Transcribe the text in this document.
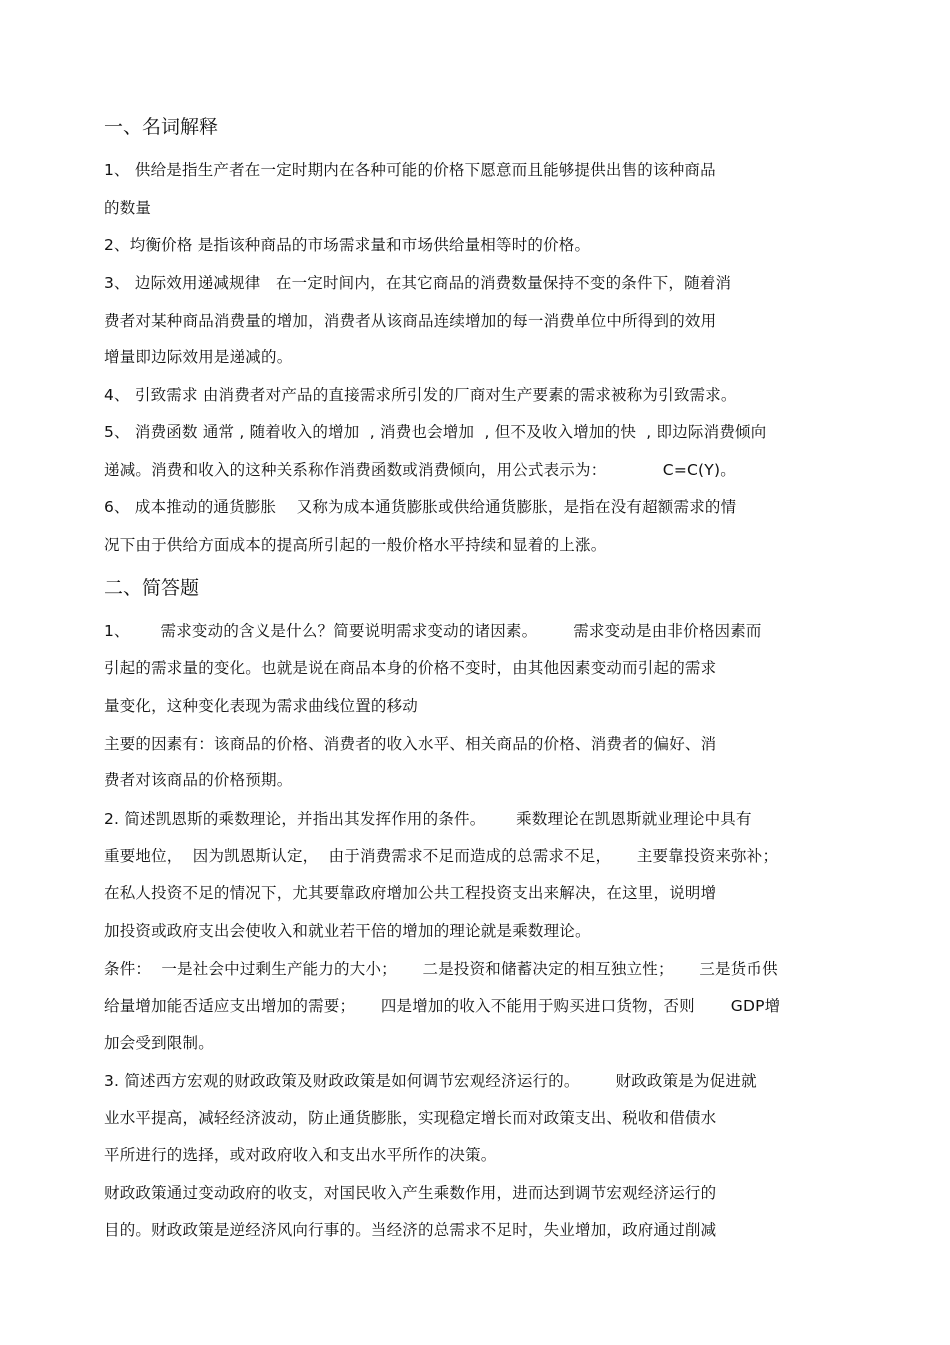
一、名词解释
1、 供给是指生产者在一定时期内在各种可能的价格下愿意而且能够提供出售的该种商品
的数量
2、均衡价格 是指该种商品的市场需求量和市场供给量相等时的价格。
3、 边际效用递减规律   在一定时间内，在其它商品的消费数量保持不变的条件下，随着消
费者对某种商品消费量的增加，消费者从该商品连续增加的每一消费单位中所得到的效用
增量即边际效用是递减的。
4、 引致需求 由消费者对产品的直接需求所引发的厂商对生产要素的需求被称为引致需求。
5、 消费函数 通常 , 随着收入的增加  , 消费也会增加  , 但不及收入增加的快  , 即边际消费倾向
递减。消费和收入的这种关系称作消费函数或消费倾向，用公式表示为：           C=C(Y)。
6、 成本推动的通货膨胀    又称为成本通货膨胀或供给通货膨胀，是指在没有超额需求的情
况下由于供给方面成本的提高所引起的一般价格水平持续和显着的上涨。
二、简答题
1、      需求变动的含义是什么？简要说明需求变动的诸因素。       需求变动是由非价格因素而
引起的需求量的变化。也就是说在商品本身的价格不变时，由其他因素变动而引起的需求
量变化，这种变化表现为需求曲线位置的移动
主要的因素有：该商品的价格、消费者的收入水平、相关商品的价格、消费者的偏好、消
费者对该商品的价格预期。
2. 简述凯恩斯的乘数理论，并指出其发挥作用的条件。      乘数理论在凯恩斯就业理论中具有
重要地位，  因为凯恩斯认定，  由于消费需求不足而造成的总需求不足，     主要靠投资来弥补；
在私人投资不足的情况下，尤其要靠政府增加公共工程投资支出来解决，在这里，说明增
加投资或政府支出会使收入和就业若干倍的增加的理论就是乘数理论。
条件：  一是社会中过剩生产能力的大小；     二是投资和储蓄决定的相互独立性；     三是货币供
给量增加能否适应支出增加的需要；     四是增加的收入不能用于购买进口货物，否则       GDP增
加会受到限制。
3. 简述西方宏观的财政政策及财政政策是如何调节宏观经济运行的。       财政政策是为促进就
业水平提高，减轻经济波动，防止通货膨胀，实现稳定增长而对政策支出、税收和借债水
平所进行的选择，或对政府收入和支出水平所作的决策。
财政政策通过变动政府的收支，对国民收入产生乘数作用，进而达到调节宏观经济运行的
目的。财政政策是逆经济风向行事的。当经济的总需求不足时，失业增加，政府通过削减
